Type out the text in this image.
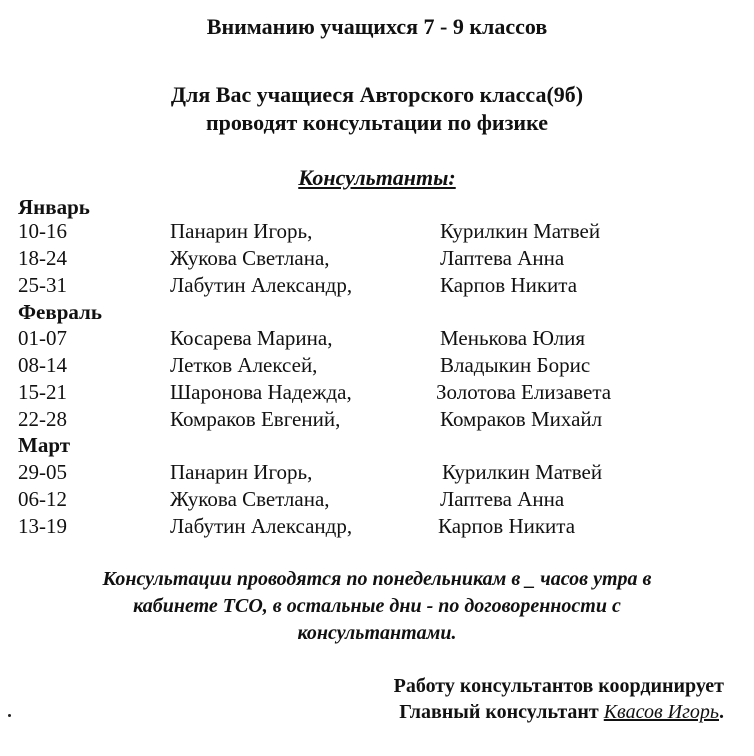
Вниманию учащихся 7 - 9 классов
Для Вас учащиеся Авторского класса(9б)
проводят консультации по физике
Консультанты:
Январь
10-16	Панарин Игорь,	Курилкин Матвей
18-24	Жукова Светлана,	Лаптева Анна
25-31	Лабутин Александр,	Карпов Никита
Февраль
01-07	Косарева Марина,	Менькова Юлия
08-14	Летков Алексей,	Владыкин Борис
15-21	Шаронова Надежда,	Золотова Елизавета
22-28	Комраков Евгений,	Комраков Михайл
Март
29-05	Панарин Игорь,	Курилкин Матвей
06-12	Жукова Светлана,	Лаптева Анна
13-19	Лабутин Александр,	Карпов Никита
Консультации проводятся по понедельникам в _ часов утра в
кабинете ТСО, в остальные дни - по договоренности с
консультантами.
Работу консультантов координирует
Главный консультант Квасов Игорь.
